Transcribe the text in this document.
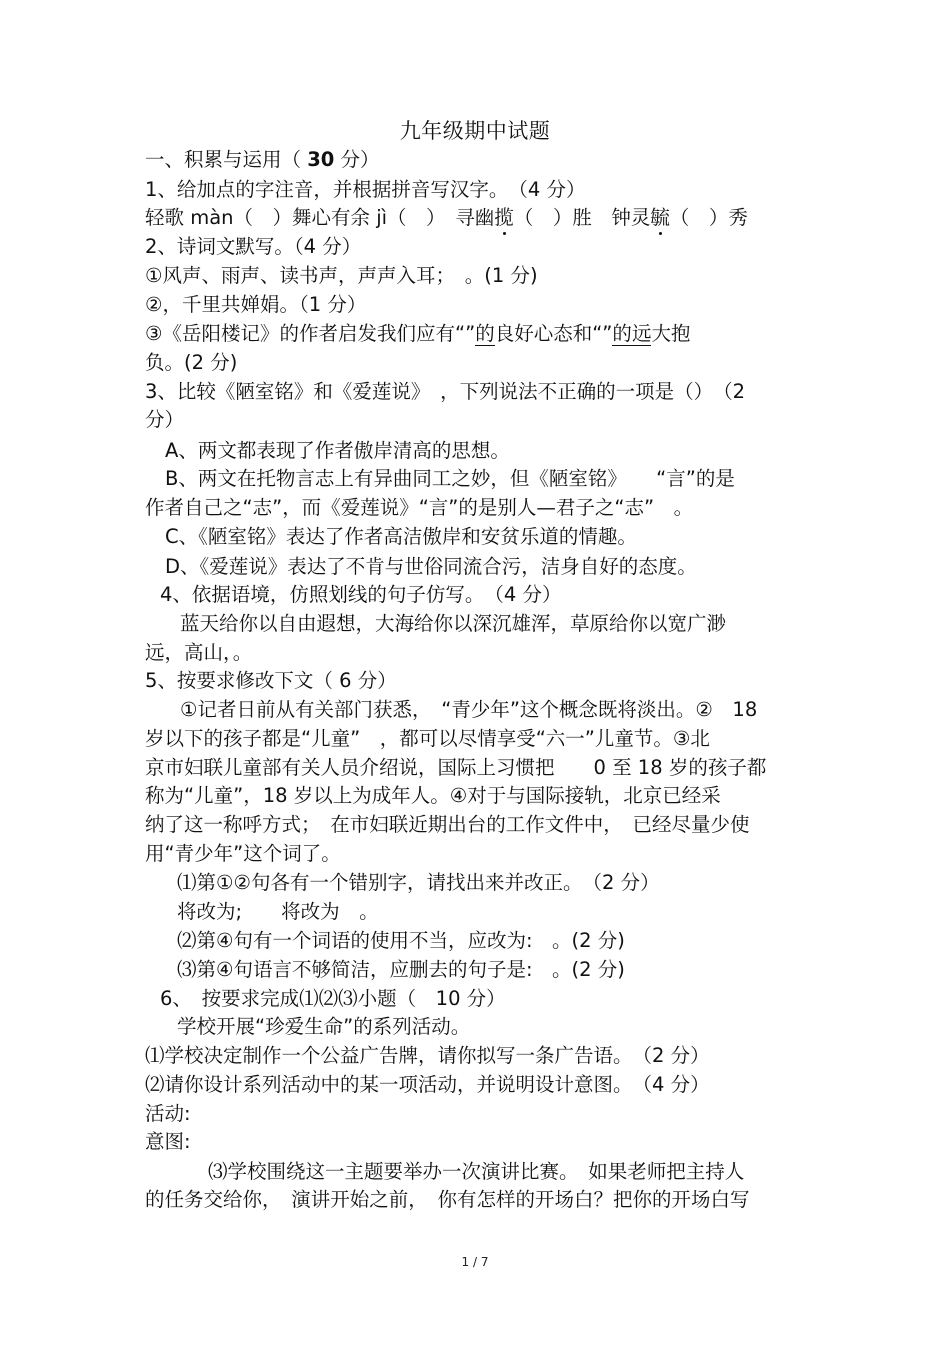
九年级期中试题
一、积累与运用（ 30 分）
1、给加点的字注音，并根据拼音写汉字。　（4 分）
轻歌 màn（　）舞心有余 jì（　）　寻幽揽（　）胜　钟灵毓（　）秀
2、诗词文默写。（4 分）
①风声、雨声、读书声，声声入耳；　。(1 分)
②，千里共婵娟。（1 分）
③《岳阳楼记》的作者启发我们应有“”的良好心态和“”的远大抱
负。(2 分)
3、比较《陋室铭》和《爱莲说》　，下列说法不正确的一项是（）　（2
分）
A、两文都表现了作者傲岸清高的思想。
B、两文在托物言志上有异曲同工之妙，但《陋室铭》　　“言”的是
作者自己之“志”，而《爱莲说》“言”的是别人—君子之“志”　。
C、《陋室铭》表达了作者高洁傲岸和安贫乐道的情趣。
D、《爱莲说》表达了不肯与世俗同流合污，洁身自好的态度。
4、依据语境，仿照划线的句子仿写。　（4 分）
蓝天给你以自由遐想，大海给你以深沉雄浑，草原给你以宽广渺
远，高山，。
5、按要求修改下文（ 6 分）
①记者日前从有关部门获悉，　“青少年”这个概念既将淡出。②　18
岁以下的孩子都是“儿童”　，都可以尽情享受“六一”儿童节。③北
京市妇联儿童部有关人员介绍说，国际上习惯把　　0 至 18 岁的孩子都
称为“儿童”，18 岁以上为成年人。④对于与国际接轨，北京已经采
纳了这一称呼方式；　在市妇联近期出台的工作文件中，　已经尽量少使
用“青少年”这个词了。
⑴第①②句各有一个错别字，请找出来并改正。　（2 分）
将改为;　　将改为　。
⑵第④句有一个词语的使用不当，应改为:　。(2 分)
⑶第④句语言不够简洁，应删去的句子是:　。(2 分)
6、　按要求完成⑴⑵⑶小题（　10 分）
学校开展“珍爱生命”的系列活动。
⑴学校决定制作一个公益广告牌，请你拟写一条广告语。　（2 分）
⑵请你设计系列活动中的某一项活动，并说明设计意图。　（4 分）
活动:
意图:
⑶学校围绕这一主题要举办一次演讲比赛。　如果老师把主持人
的任务交给你，　演讲开始之前，　你有怎样的开场白？把你的开场白写
1 / 7
